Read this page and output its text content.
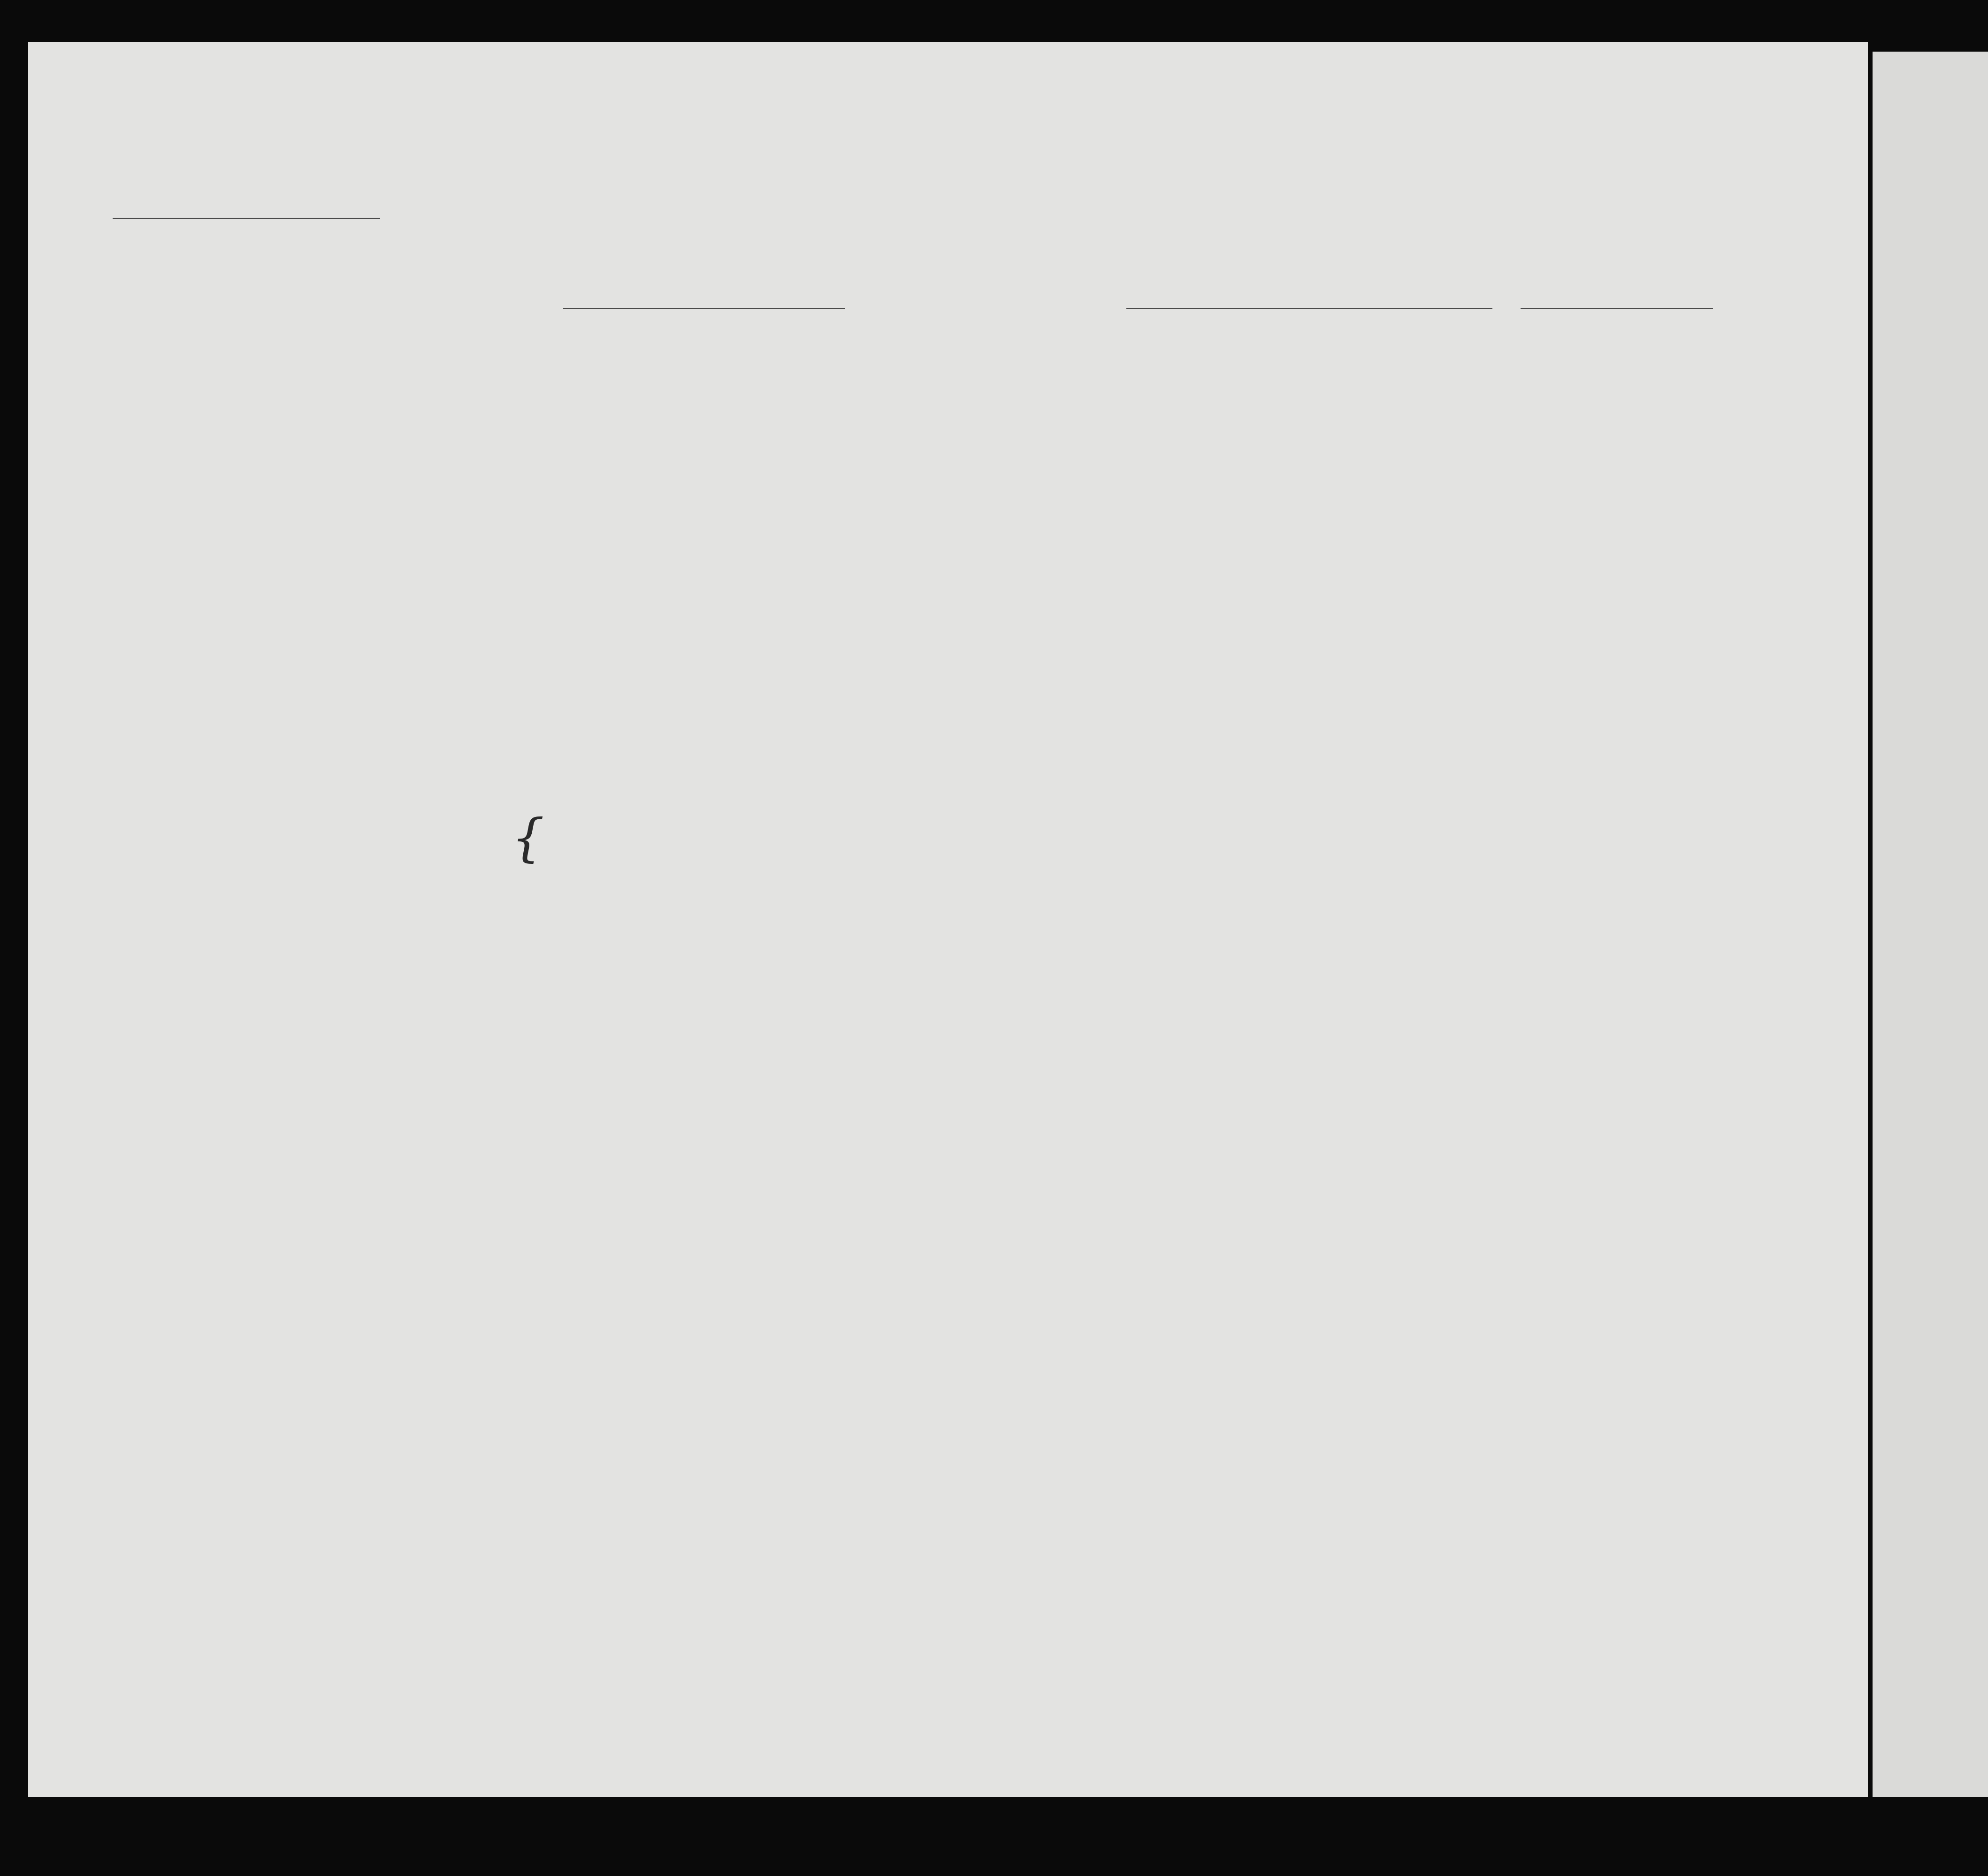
{
